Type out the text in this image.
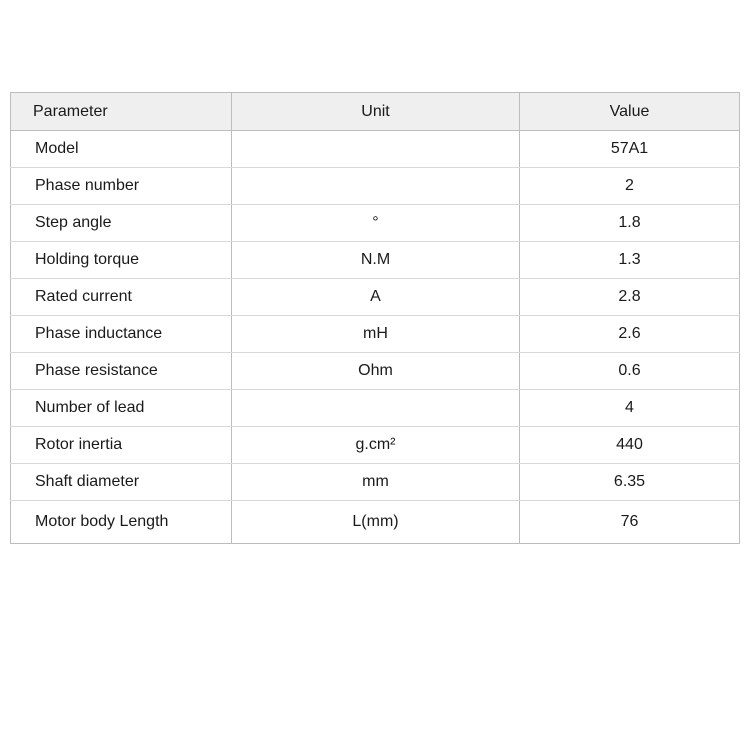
Parameter	Unit	Value
Model		57A1
Phase number		2
Step angle	°	1.8
Holding torque	N.M	1.3
Rated current	A	2.8
Phase inductance	mH	2.6
Phase resistance	Ohm	0.6
Number of lead		4
Rotor inertia	g.cm²	440
Shaft diameter	mm	6.35
Motor body Length	L(mm)	76
